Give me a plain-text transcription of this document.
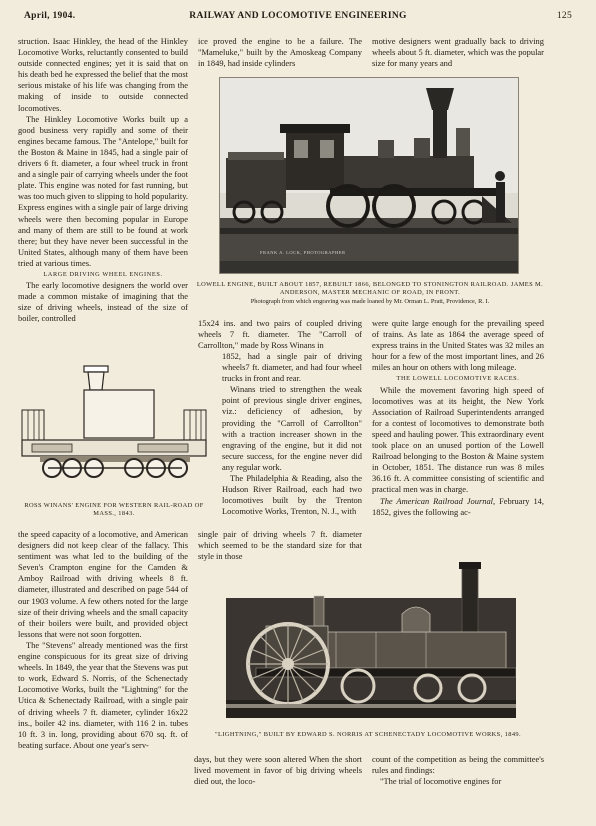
April, 1904.	RAILWAY AND LOCOMOTIVE ENGINEERING	125

struction. Isaac Hinkley, the head of the Hinkley Locomotive Works, reluctantly consented to build outside connected engines; yet it is said that on his death bed he expressed the belief that the most serious mistake of his life was changing from the making of inside to outside connected locomotives.

The Hinkley Locomotive Works built up a good business very rapidly and some of their engines became famous. The "Antelope," built for the Boston & Maine in 1845, had a single pair of drivers 6 ft. diameter, a four wheel truck in front and a single pair of carrying wheels under the foot plate. This engine was noted for fast running, but was too much given to slipping to hold popularity. Express engines with a single pair of large driving wheels were then becoming popular in Europe and many of them are still to be found at work there; but they have never been successful in the United States, although many of them have been tried at various times.

LARGE DRIVING WHEEL ENGINES.

The early locomotive designers the world over made a common mistake of imagining that the size of driving wheels, instead of the size of boiler, controlled

ice proved the engine to be a failure. The "Mameluke," built by the Amoskeag Company in 1849, had inside cylinders

motive designers went gradually back to driving wheels about 5 ft. diameter, which was the popular size for many years and

FRANK A. LOCK, PHOTOGRAPHER
LOWELL ENGINE, BUILT ABOUT 1857, REBUILT 1866, BELONGED TO STONINGTON RAILROAD. JAMES M. ANDERSON, MASTER MECHANIC OF ROAD, IN FRONT.
Photograph from which engraving was made loaned by Mr. Orman L. Pratt, Providence, R. I.
ROSS WINANS' ENGINE FOR WESTERN RAIL-ROAD OF MASS., 1843.

15x24 ins. and two pairs of coupled driving wheels 7 ft. diameter. The "Carroll of Carrollton," made by Ross Winans in

1852, had a single pair of driving wheels7 ft. diameter, and had four wheel trucks in front and rear.

Winans tried to strengthen the weak point of previous single driver engines, viz.: deficiency of adhesion, by providing the "Carroll of Carrollton" with a traction increaser shown in the engraving of the engine, but it did not secure success, for the engine never did any regular work.

The Philadelphia & Reading, also the Hudson River Railroad, each had two locomotives built by the Trenton Locomotive Works, Trenton, N. J., with

single pair of driving wheels 7 ft. diameter which seemed to be the standard size for that style in those

were quite large enough for the prevailing speed of trains. As late as 1864 the average speed of express trains in the United States was 32 miles an hour for a few of the most important lines, and 26 miles an hour on others with long mileage.

THE LOWELL LOCOMOTIVE RACES.

While the movement favoring high speed of locomotives was at its height, the New York Association of Railroad Superintendents arranged for a contest of locomotives to demonstrate both speed and hauling power. This extraordinary event took place on an unused portion of the Lowell Railroad belonging to the Boston & Maine system in October, 1851. The distance run was 8 miles 36.16 ft. A committee consisting of scientific and practical men was in charge.

The American Railroad Journal, February 14, 1852, gives the following ac-

the speed capacity of a locomotive, and American designers did not keep clear of the fallacy. This sentiment was what led to the building of the Seven's Crampton engine for the Camden & Amboy Railroad with driving wheels 8 ft. diameter, illustrated and described on page 544 of our 1903 volume. A few others noted for the large size of their driving wheels and the small capacity of their boilers were built, and provided object lessons that were not soon forgotten.

The "Stevens" already mentioned was the first engine conspicuous for its great size of driving wheels. In 1849, the year that the Stevens was put to work, Edward S. Norris, of the Schenectady Locomotive Works, built the "Lightning" for the Utica & Schenectady Railroad, with a single pair of driving wheels 7 ft. diameter, cylinder 16x22 ins., boiler 42 ins. diameter, with 116 2 in. tubes 10 ft. 3 in. long, providing about 670 sq. ft. of beating surface. About one year's serv-

"LIGHTNING," BUILT BY EDWARD S. NORRIS AT SCHENECTADY LOCOMOTIVE WORKS, 1849.

days, but they were soon altered When the short lived movement in favor of big driving wheels died out, the loco-

count of the competition as being the committee's rules and findings:

"The trial of locomotive engines for
